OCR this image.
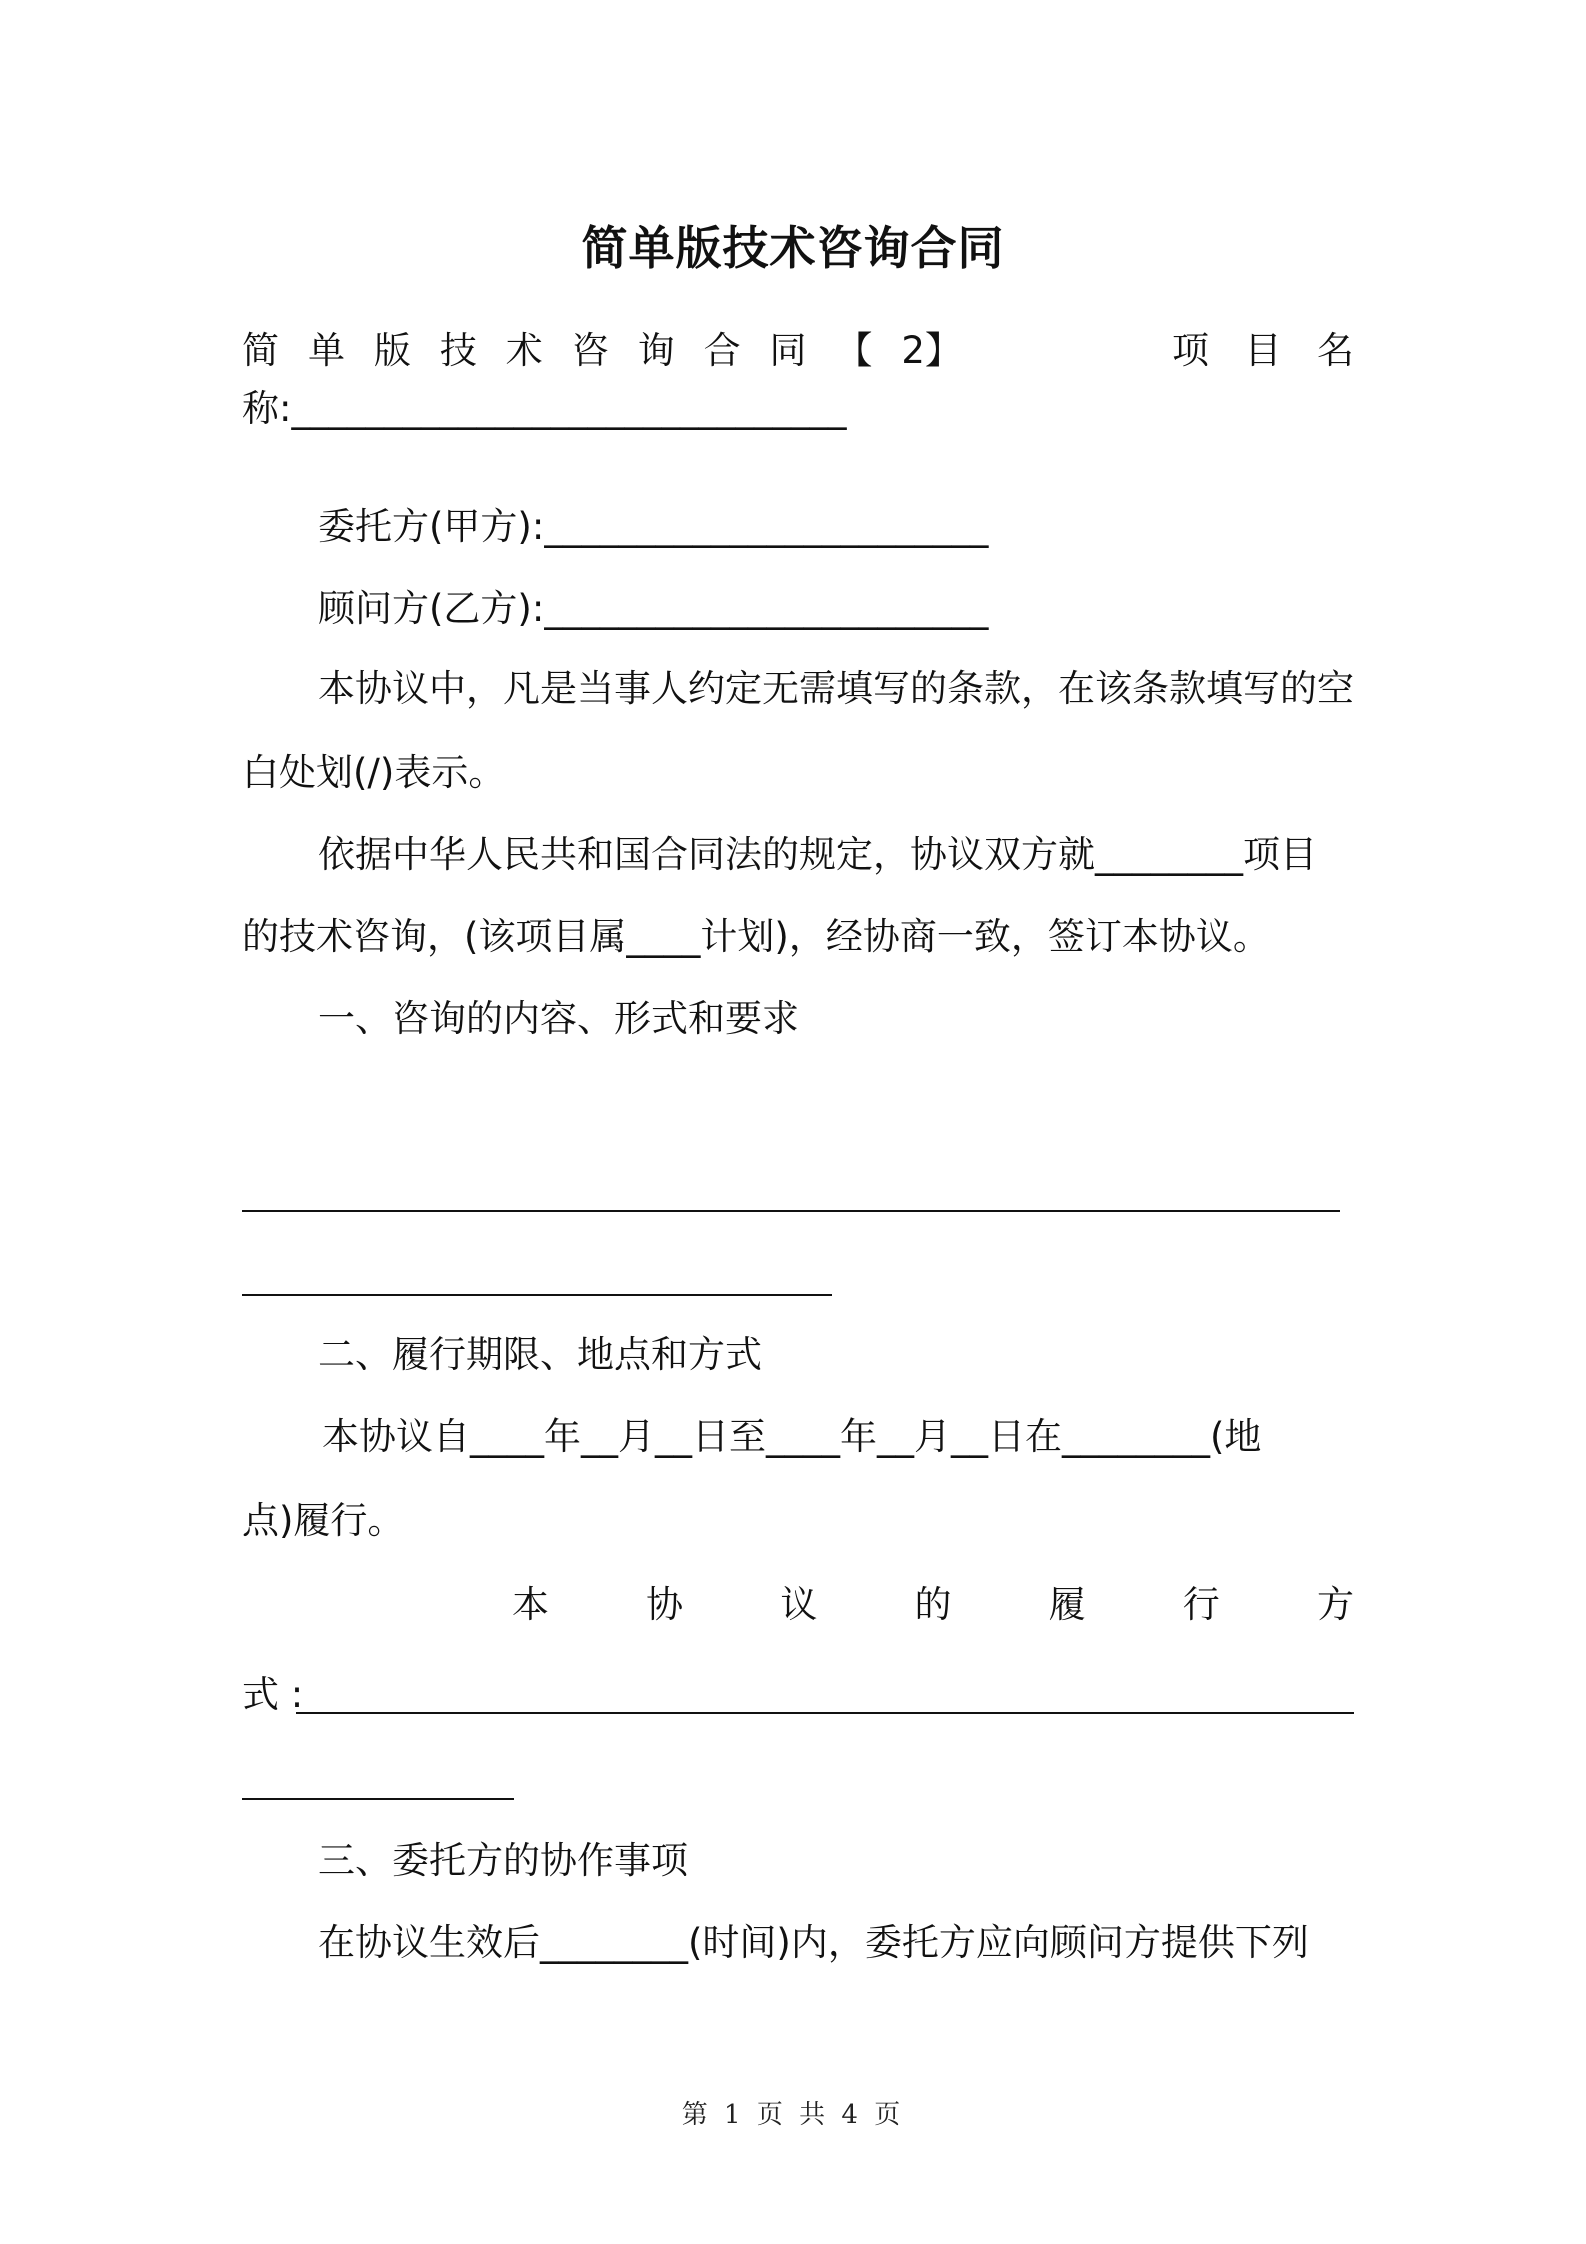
简单版技术咨询合同
简 单 版 技 术 咨 询 合 同 【 2】	项 目 名
称:______________________________
委托方(甲方):________________________
顾问方(乙方):________________________
本协议中，凡是当事人约定无需填写的条款，在该条款填写的空
白处划(/)表示。
依据中华人民共和国合同法的规定，协议双方就________项目
的技术咨询，(该项目属____计划)，经协商一致，签订本协议。
一、咨询的内容、形式和要求
二、履行期限、地点和方式
本协议自____年__月__日至____年__月__日在________(地
点)履行。
本	协	议	的	履	行	方
式 :
三、委托方的协作事项
在协议生效后________(时间)内，委托方应向顾问方提供下列
第 1 页 共 4 页
